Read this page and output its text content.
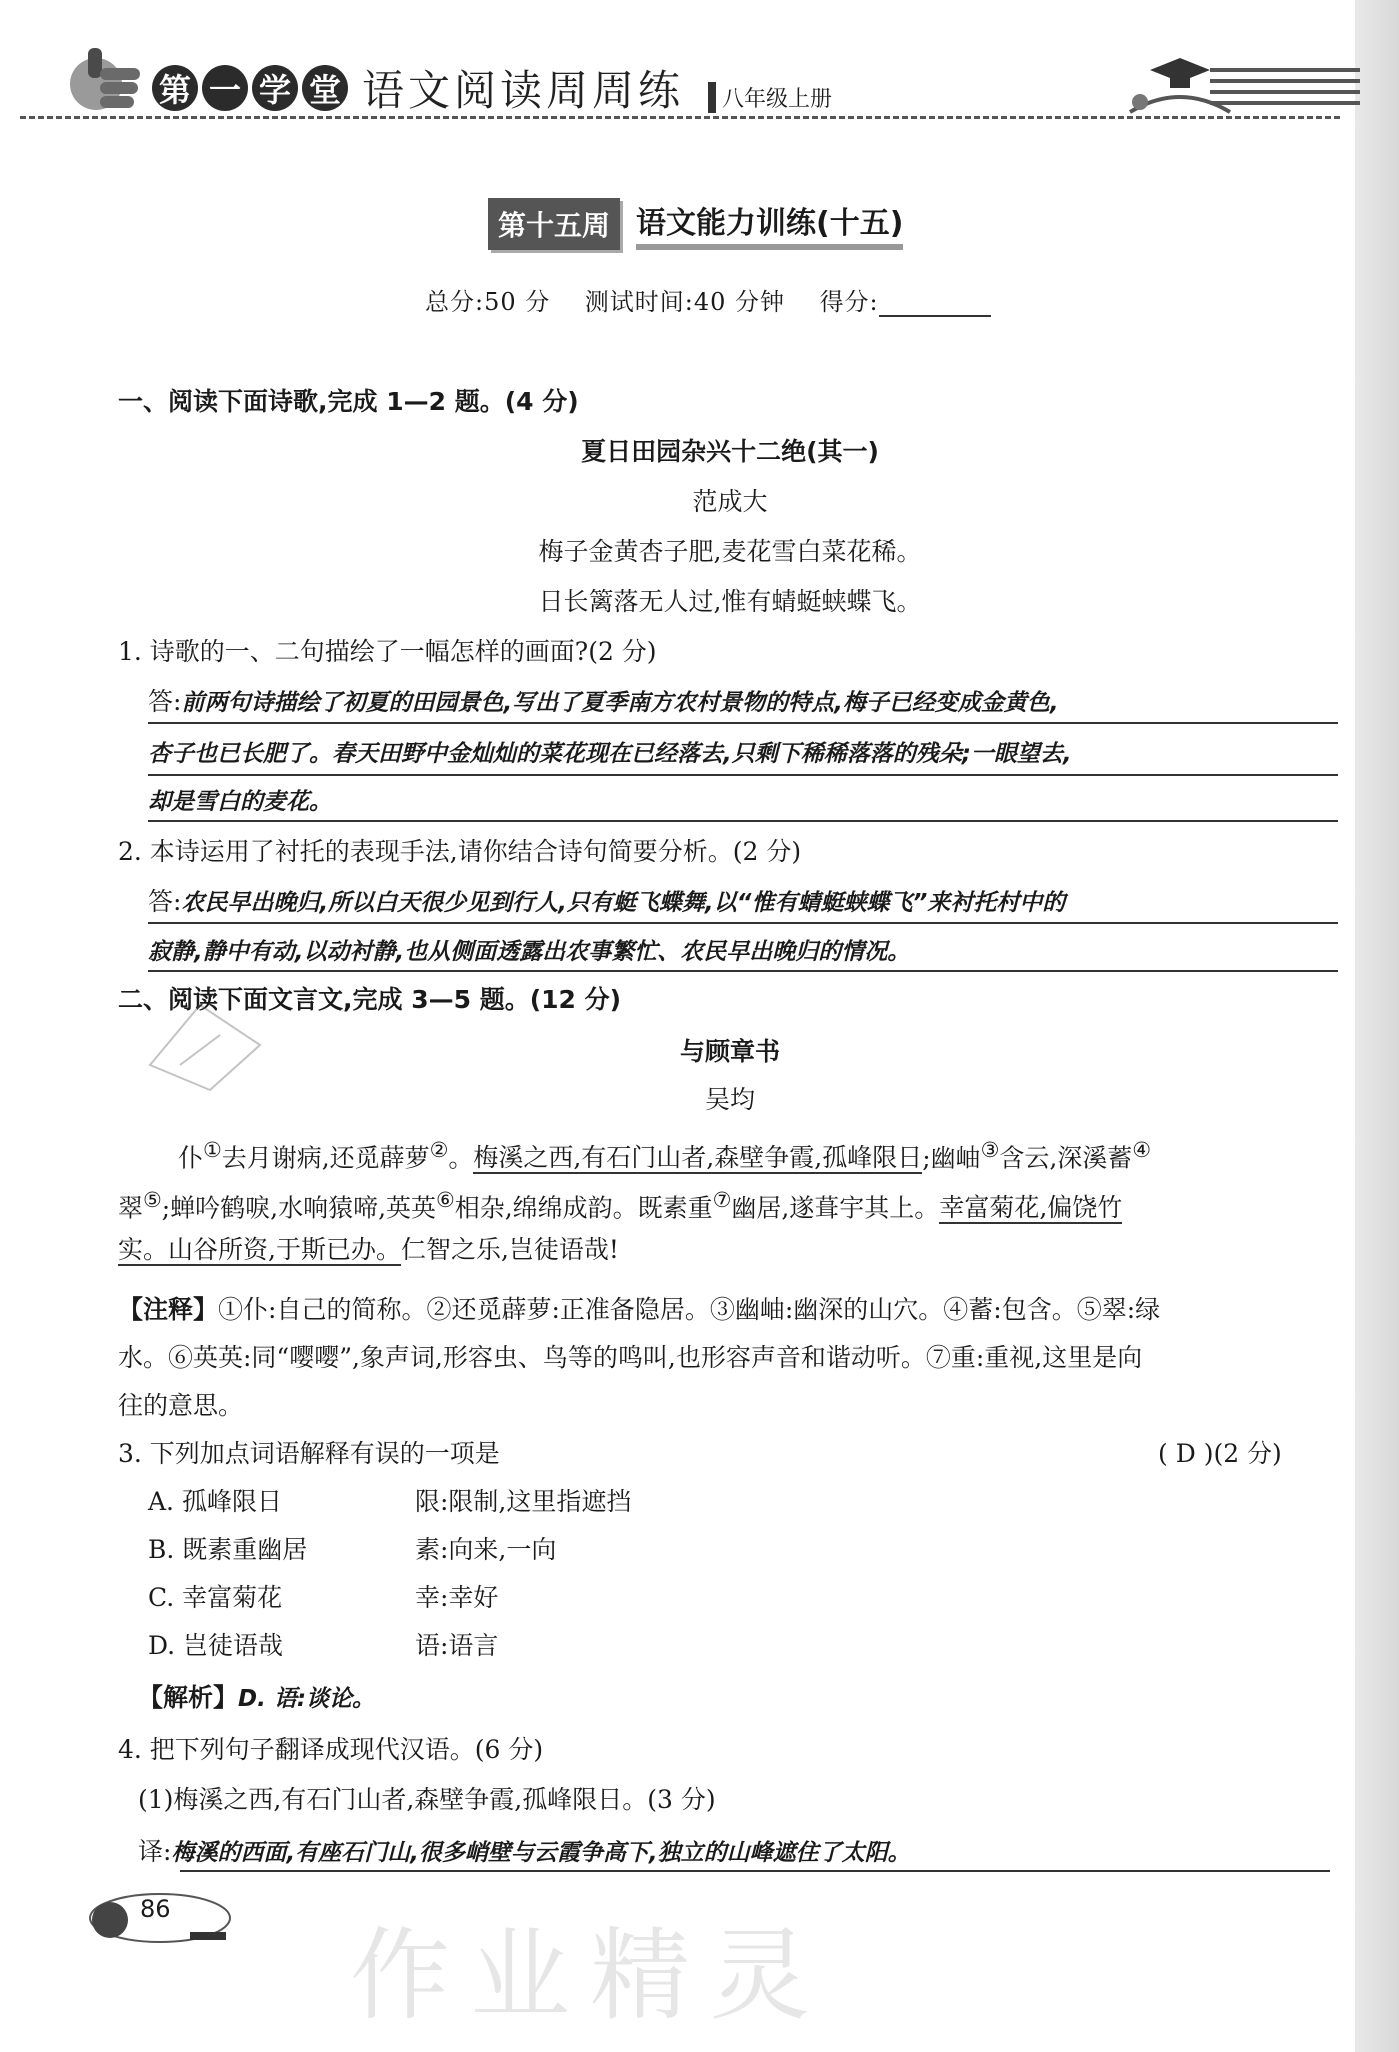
第 一 学 堂 语文阅读周周练	八年级上册
第十五周 语文能力训练(十五)
总分:50 分 测试时间:40 分钟 得分:
一、阅读下面诗歌,完成 1—2 题。(4 分)
夏日田园杂兴十二绝(其一)
范成大
梅子金黄杏子肥,麦花雪白菜花稀。
日长篱落无人过,惟有蜻蜓蛱蝶飞。
1. 诗歌的一、二句描绘了一幅怎样的画面?(2 分)
答:前两句诗描绘了初夏的田园景色,写出了夏季南方农村景物的特点,梅子已经变成金黄色,
杏子也已长肥了。春天田野中金灿灿的菜花现在已经落去,只剩下稀稀落落的残朵;一眼望去,
却是雪白的麦花。
2. 本诗运用了衬托的表现手法,请你结合诗句简要分析。(2 分)
答:农民早出晚归,所以白天很少见到行人,只有蜓飞蝶舞,以“惟有蜻蜓蛱蝶飞”来衬托村中的
寂静,静中有动,以动衬静,也从侧面透露出农事繁忙、农民早出晚归的情况。
二、阅读下面文言文,完成 3—5 题。(12 分)
与顾章书
吴均
仆①去月谢病,还觅薜萝②。梅溪之西,有石门山者,森壁争霞,孤峰限日;幽岫③含云,深溪蓄④
翠⑤;蝉吟鹤唳,水响猿啼,英英⑥相杂,绵绵成韵。既素重⑦幽居,遂葺宇其上。幸富菊花,偏饶竹
实。山谷所资,于斯已办。仁智之乐,岂徒语哉!
【注释】①仆:自己的简称。②还觅薜萝:正准备隐居。③幽岫:幽深的山穴。④蓄:包含。⑤翠:绿
水。⑥英英:同“嘤嘤”,象声词,形容虫、鸟等的鸣叫,也形容声音和谐动听。⑦重:重视,这里是向
往的意思。
3. 下列加点词语解释有误的一项是	( D )(2 分)
A. 孤峰限日	限:限制,这里指遮挡
B. 既素重幽居	素:向来,一向
C. 幸富菊花	幸:幸好
D. 岂徒语哉	语:语言
【解析】D. 语:谈论。
4. 把下列句子翻译成现代汉语。(6 分)
(1)梅溪之西,有石门山者,森壁争霞,孤峰限日。(3 分)
译:梅溪的西面,有座石门山,很多峭壁与云霞争高下,独立的山峰遮住了太阳。
86
作业精灵
